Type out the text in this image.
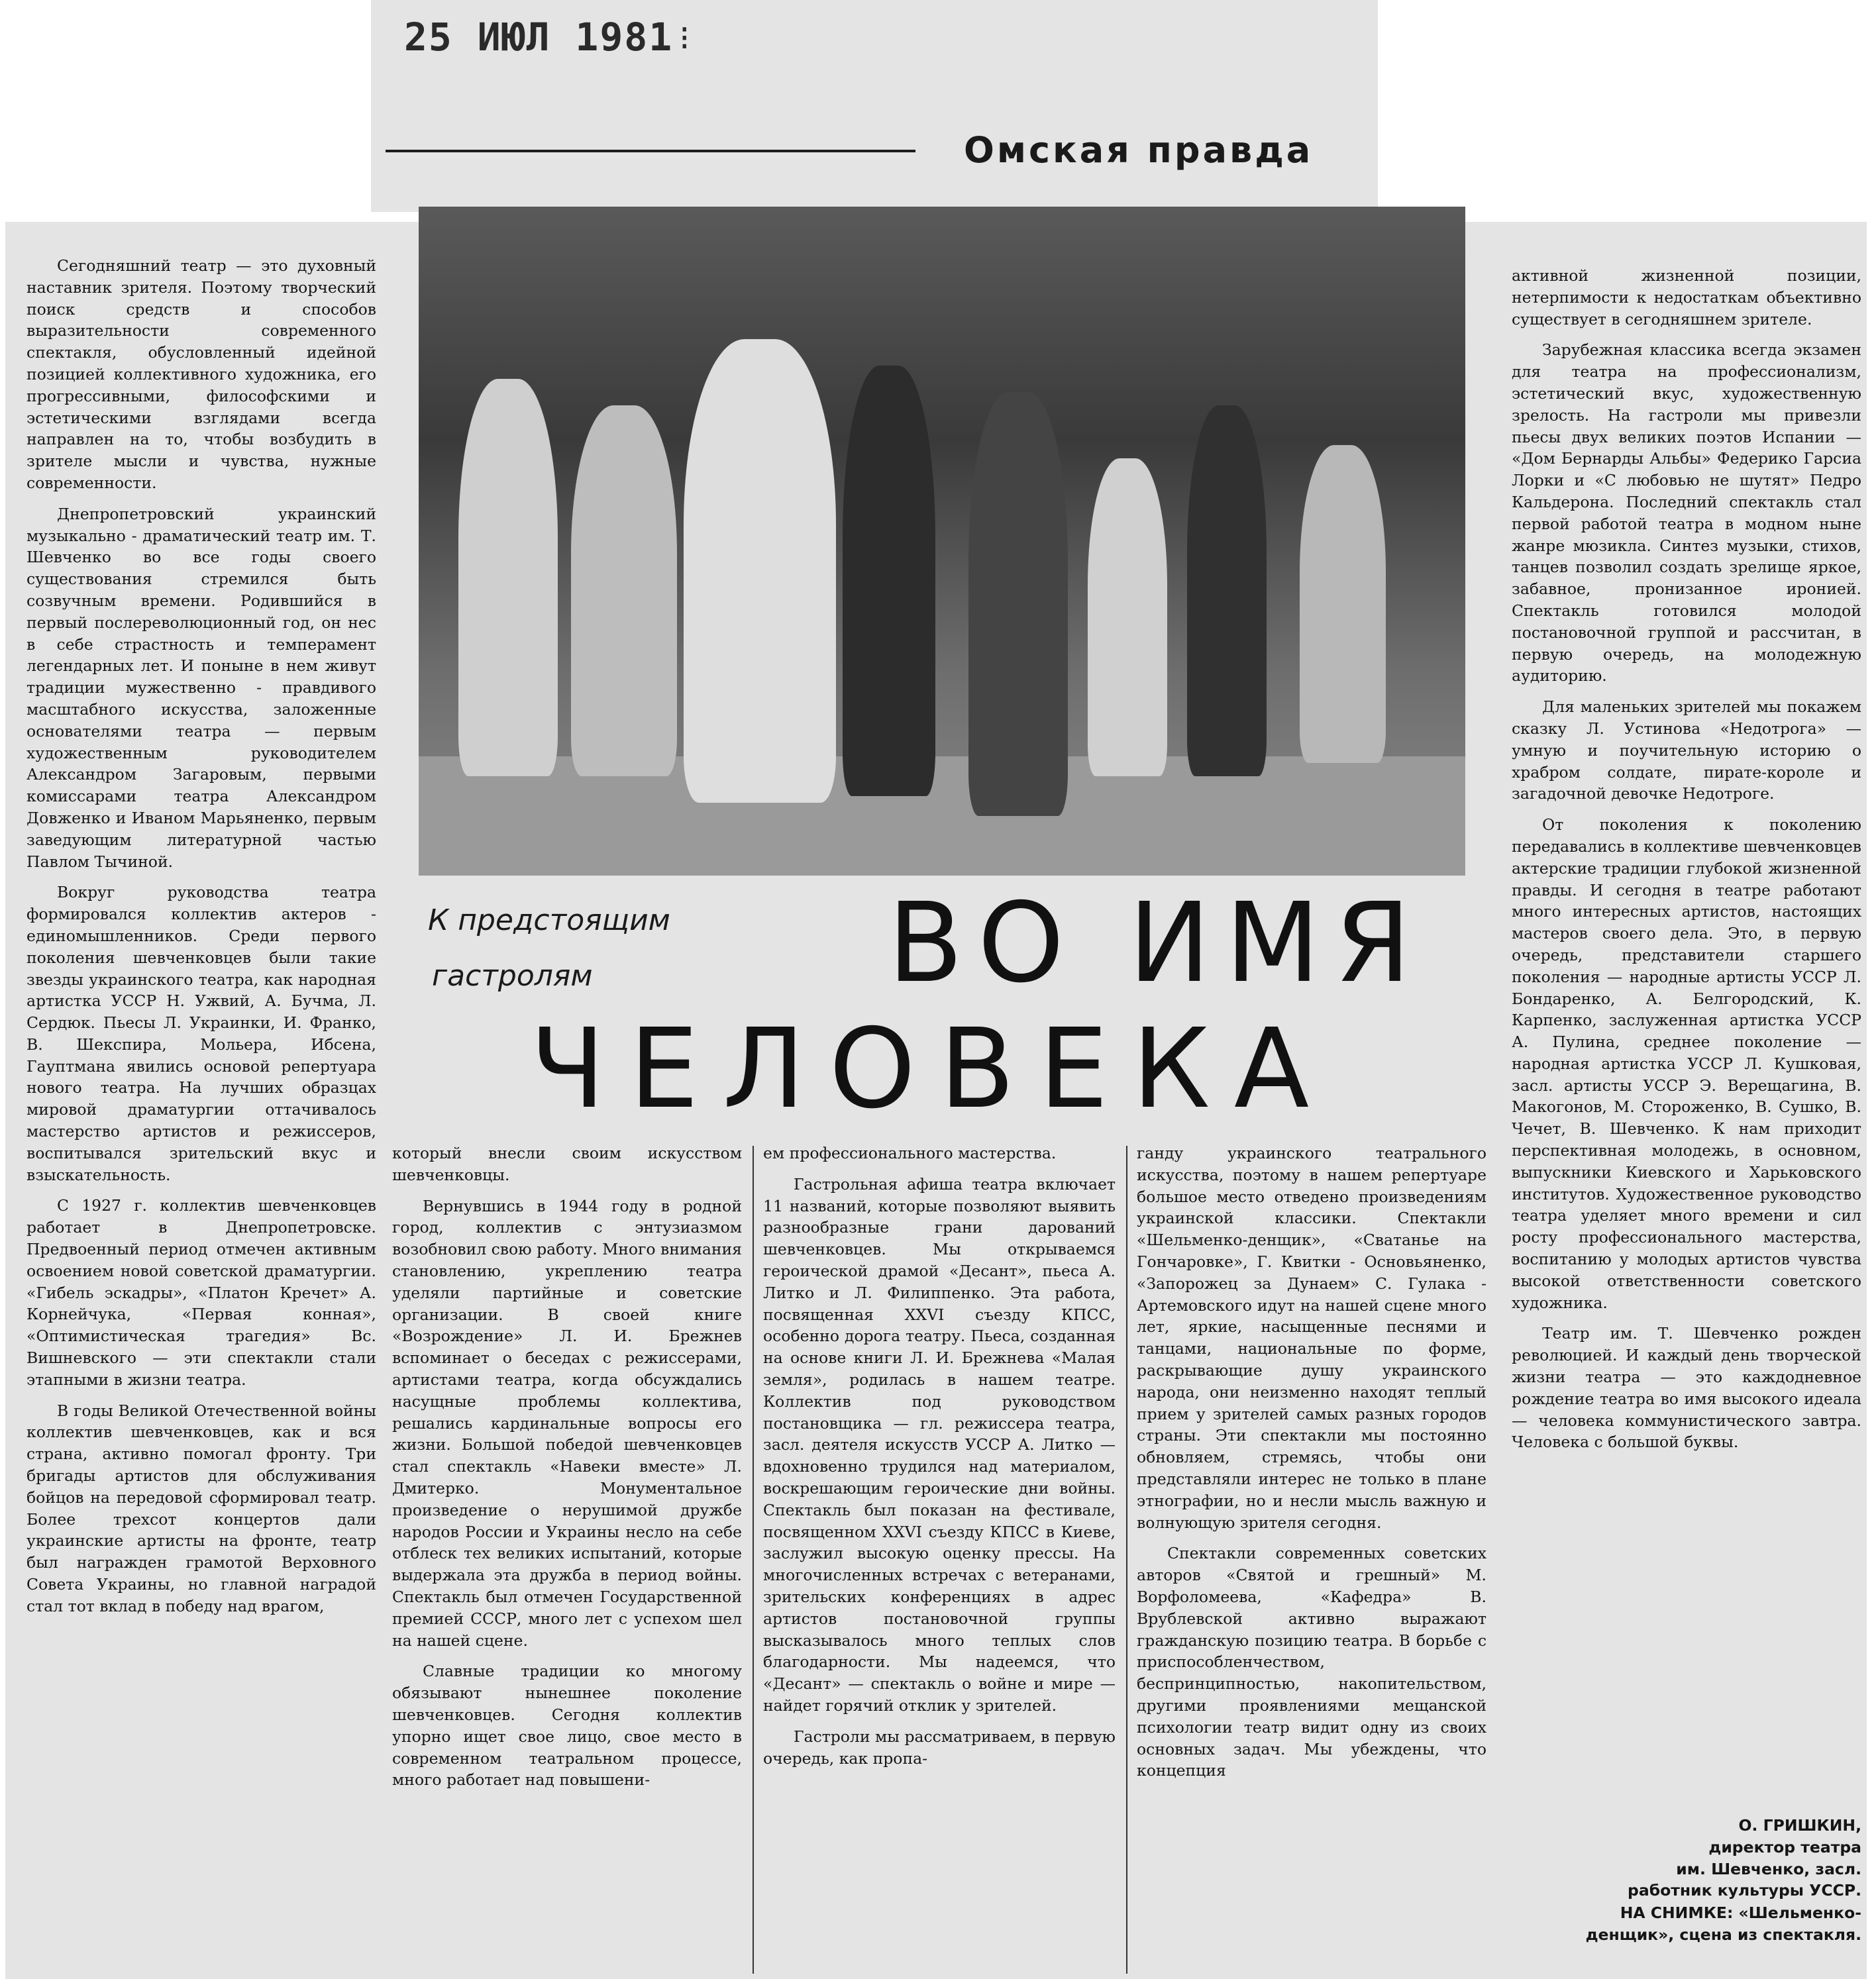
25 ИЮЛ 1981 ⁝
Омская правда
К предстоящим
гастролям	ВО ИМЯ
ЧЕЛОВЕКА

Сегодняшний театр — это духовный наставник зрителя. Поэтому творческий поиск средств и способов выразительности современного спектакля, обусловленный идейной позицией коллективного художника, его прогрессивными, философскими и эстетическими взглядами всегда направлен на то, чтобы возбудить в зрителе мысли и чувства, нужные современности.

Днепропетровский украинский музыкально - драматический театр им. Т. Шевченко во все годы своего существования стремился быть созвучным времени. Родившийся в первый послереволюционный год, он нес в себе страстность и темперамент легендарных лет. И поныне в нем живут традиции мужественно - правдивого масштабного искусства, заложенные основателями театра — первым художественным руководителем Александром Загаровым, первыми комиссарами театра Александром Довженко и Иваном Марьяненко, первым заведующим литературной частью Павлом Тычиной.

Вокруг руководства театра формировался коллектив актеров - единомышленников. Среди первого поколения шевченковцев были такие звезды украинского театра, как народная артистка УССР Н. Ужвий, А. Бучма, Л. Сердюк. Пьесы Л. Украинки, И. Франко, В. Шекспира, Мольера, Ибсена, Гауптмана явились основой репертуара нового театра. На лучших образцах мировой драматургии оттачивалось мастерство артистов и режиссеров, воспитывался зрительский вкус и взыскательность.

С 1927 г. коллектив шевченковцев работает в Днепропетровске. Предвоенный период отмечен активным освоением новой советской драматургии. «Гибель эскадры», «Платон Кречет» А. Корнейчука, «Первая конная», «Оптимистическая трагедия» Вс. Вишневского — эти спектакли стали этапными в жизни театра.

В годы Великой Отечественной войны коллектив шевченковцев, как и вся страна, активно помогал фронту. Три бригады артистов для обслуживания бойцов на передовой сформировал театр. Более трехсот концертов дали украинские артисты на фронте, театр был награжден грамотой Верховного Совета Украины, но главной наградой стал тот вклад в победу над врагом,

который внесли своим искусством шевченковцы.

Вернувшись в 1944 году в родной город, коллектив с энтузиазмом возобновил свою работу. Много внимания становлению, укреплению театра уделяли партийные и советские организации. В своей книге «Возрождение» Л. И. Брежнев вспоминает о беседах с режиссерами, артистами театра, когда обсуждались насущные проблемы коллектива, решались кардинальные вопросы его жизни. Большой победой шевченковцев стал спектакль «Навеки вместе» Л. Дмитерко. Монументальное произведение о нерушимой дружбе народов России и Украины несло на себе отблеск тех великих испытаний, которые выдержала эта дружба в период войны. Спектакль был отмечен Государственной премией СССР, много лет с успехом шел на нашей сцене.

Славные традиции ко многому обязывают нынешнее поколение шевченковцев. Сегодня коллектив упорно ищет свое лицо, свое место в современном театральном процессе, много работает над повышени-

ем профессионального мастерства.

Гастрольная афиша театра включает 11 названий, которые позволяют выявить разнообразные грани дарований шевченковцев. Мы открываемся героической драмой «Десант», пьеса А. Литко и Л. Филиппенко. Эта работа, посвященная XXVI съезду КПСС, особенно дорога театру. Пьеса, созданная на основе книги Л. И. Брежнева «Малая земля», родилась в нашем театре. Коллектив под руководством постановщика — гл. режиссера театра, засл. деятеля искусств УССР А. Литко — вдохновенно трудился над материалом, воскрешающим героические дни войны. Спектакль был показан на фестивале, посвященном XXVI съезду КПСС в Киеве, заслужил высокую оценку прессы. На многочисленных встречах с ветеранами, зрительских конференциях в адрес артистов постановочной группы высказывалось много теплых слов благодарности. Мы надеемся, что «Десант» — спектакль о войне и мире — найдет горячий отклик у зрителей.

Гастроли мы рассматриваем, в первую очередь, как пропа-

ганду украинского театрального искусства, поэтому в нашем репертуаре большое место отведено произведениям украинской классики. Спектакли «Шельменко-денщик», «Сватанье на Гончаровке», Г. Квитки - Основьяненко, «Запорожец за Дунаем» С. Гулака - Артемовского идут на нашей сцене много лет, яркие, насыщенные песнями и танцами, национальные по форме, раскрывающие душу украинского народа, они неизменно находят теплый прием у зрителей самых разных городов страны. Эти спектакли мы постоянно обновляем, стремясь, чтобы они представляли интерес не только в плане этнографии, но и несли мысль важную и волнующую зрителя сегодня.

Спектакли современных советских авторов «Святой и грешный» М. Ворфоломеева, «Кафедра» В. Врублевской активно выражают гражданскую позицию театра. В борьбе с приспособленчеством, беспринципностью, накопительством, другими проявлениями мещанской психологии театр видит одну из своих основных задач. Мы убеждены, что концепция

активной жизненной позиции, нетерпимости к недостаткам объективно существует в сегодняшнем зрителе.

Зарубежная классика всегда экзамен для театра на профессионализм, эстетический вкус, художественную зрелость. На гастроли мы привезли пьесы двух великих поэтов Испании — «Дом Бернарды Альбы» Федерико Гарсиа Лорки и «С любовью не шутят» Педро Кальдерона. Последний спектакль стал первой работой театра в модном ныне жанре мюзикла. Синтез музыки, стихов, танцев позволил создать зрелище яркое, забавное, пронизанное иронией. Спектакль готовился молодой постановочной группой и рассчитан, в первую очередь, на молодежную аудиторию.

Для маленьких зрителей мы покажем сказку Л. Устинова «Недотрога» — умную и поучительную историю о храбром солдате, пирате-короле и загадочной девочке Недотроге.

От поколения к поколению передавались в коллективе шевченковцев актерские традиции глубокой жизненной правды. И сегодня в театре работают много интересных артистов, настоящих мастеров своего дела. Это, в первую очередь, представители старшего поколения — народные артисты УССР Л. Бондаренко, А. Белгородский, К. Карпенко, заслуженная артистка УССР А. Пулина, среднее поколение — народная артистка УССР Л. Кушковая, засл. артисты УССР Э. Верещагина, В. Макогонов, М. Стороженко, В. Сушко, В. Чечет, В. Шевченко. К нам приходит перспективная молодежь, в основном, выпускники Киевского и Харьковского институтов. Художественное руководство театра уделяет много времени и сил росту профессионального мастерства, воспитанию у молодых артистов чувства высокой ответственности советского художника.

Театр им. Т. Шевченко рожден революцией. И каждый день творческой жизни театра — это каждодневное рождение театра во имя высокого идеала — человека коммунистического завтра. Человека с большой буквы.

О. ГРИШКИН,
директор театра
им. Шевченко, засл.
работник культуры УССР.
НА СНИМКЕ: «Шельменко-
денщик», сцена из спектакля.
